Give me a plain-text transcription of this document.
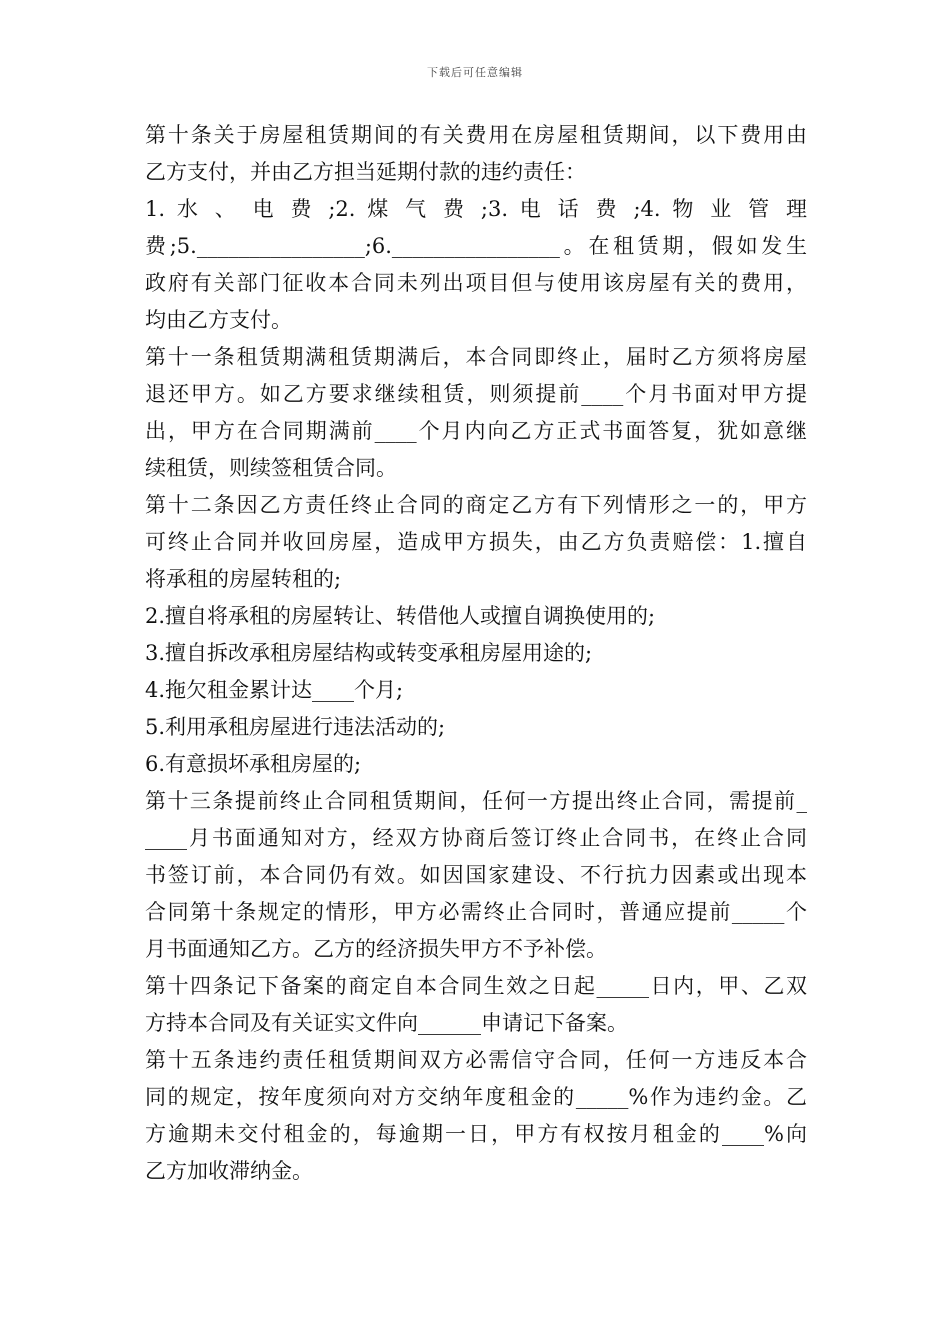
下载后可任意编辑
第十条关于房屋租赁期间的有关费用在房屋租赁期间，以下费用由
乙方支付，并由乙方担当延期付款的违约责任：
1. 水 、 电 费 ;2. 煤 气 费 ;3. 电 话 费 ;4. 物 业 管 理
费;5.________________;6.________________。在租赁期，假如发生
政府有关部门征收本合同未列出项目但与使用该房屋有关的费用，
均由乙方支付。
第十一条租赁期满租赁期满后，本合同即终止，届时乙方须将房屋
退还甲方。如乙方要求继续租赁，则须提前____个月书面对甲方提
出，甲方在合同期满前____个月内向乙方正式书面答复，犹如意继
续租赁，则续签租赁合同。
第十二条因乙方责任终止合同的商定乙方有下列情形之一的，甲方
可终止合同并收回房屋，造成甲方损失，由乙方负责赔偿：1.擅自
将承租的房屋转租的;
2.擅自将承租的房屋转让、转借他人或擅自调换使用的;
3.擅自拆改承租房屋结构或转变承租房屋用途的;
4.拖欠租金累计达____个月;
5.利用承租房屋进行违法活动的;
6.有意损坏承租房屋的;
第十三条提前终止合同租赁期间，任何一方提出终止合同，需提前_
____月书面通知对方，经双方协商后签订终止合同书，在终止合同
书签订前，本合同仍有效。如因国家建设、不行抗力因素或出现本
合同第十条规定的情形，甲方必需终止合同时，普通应提前_____个
月书面通知乙方。乙方的经济损失甲方不予补偿。
第十四条记下备案的商定自本合同生效之日起_____日内，甲、乙双
方持本合同及有关证实文件向______申请记下备案。
第十五条违约责任租赁期间双方必需信守合同，任何一方违反本合
同的规定，按年度须向对方交纳年度租金的_____%作为违约金。乙
方逾期未交付租金的，每逾期一日，甲方有权按月租金的____%向
乙方加收滞纳金。
